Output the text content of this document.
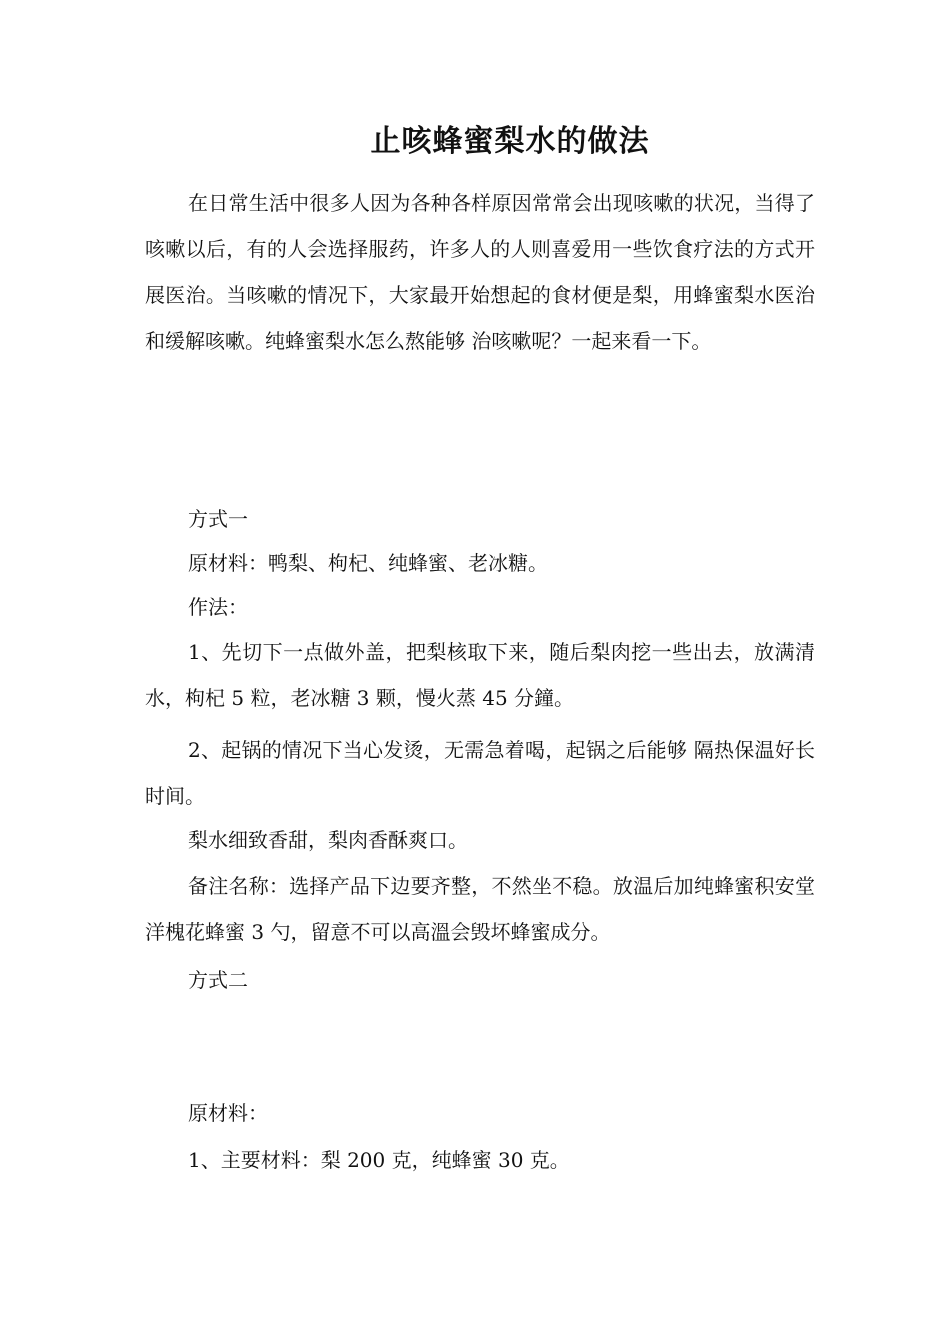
止咳蜂蜜梨水的做法

在日常生活中很多人因为各种各样原因常常会出现咳嗽的状况，当得了咳嗽以后，有的人会选择服药，许多人的人则喜爱用一些饮食疗法的方式开展医治。当咳嗽的情况下，大家最开始想起的食材便是梨，用蜂蜜梨水医治和缓解咳嗽。纯蜂蜜梨水怎么熬能够 治咳嗽呢？一起来看一下。

方式一

原材料：鸭梨、枸杞、纯蜂蜜、老冰糖。

作法：

1、先切下一点做外盖，把梨核取下来，随后梨肉挖一些出去，放满清水，枸杞 5 粒，老冰糖 3 颗，慢火蒸 45 分鐘。

2、起锅的情况下当心发烫，无需急着喝，起锅之后能够 隔热保温好长时间。

梨水细致香甜，梨肉香酥爽口。

备注名称：选择产品下边要齐整，不然坐不稳。放温后加纯蜂蜜积安堂洋槐花蜂蜜 3 勺，留意不可以高溫会毁坏蜂蜜成分。

方式二

原材料：

1、主要材料：梨 200 克，纯蜂蜜 30 克。
